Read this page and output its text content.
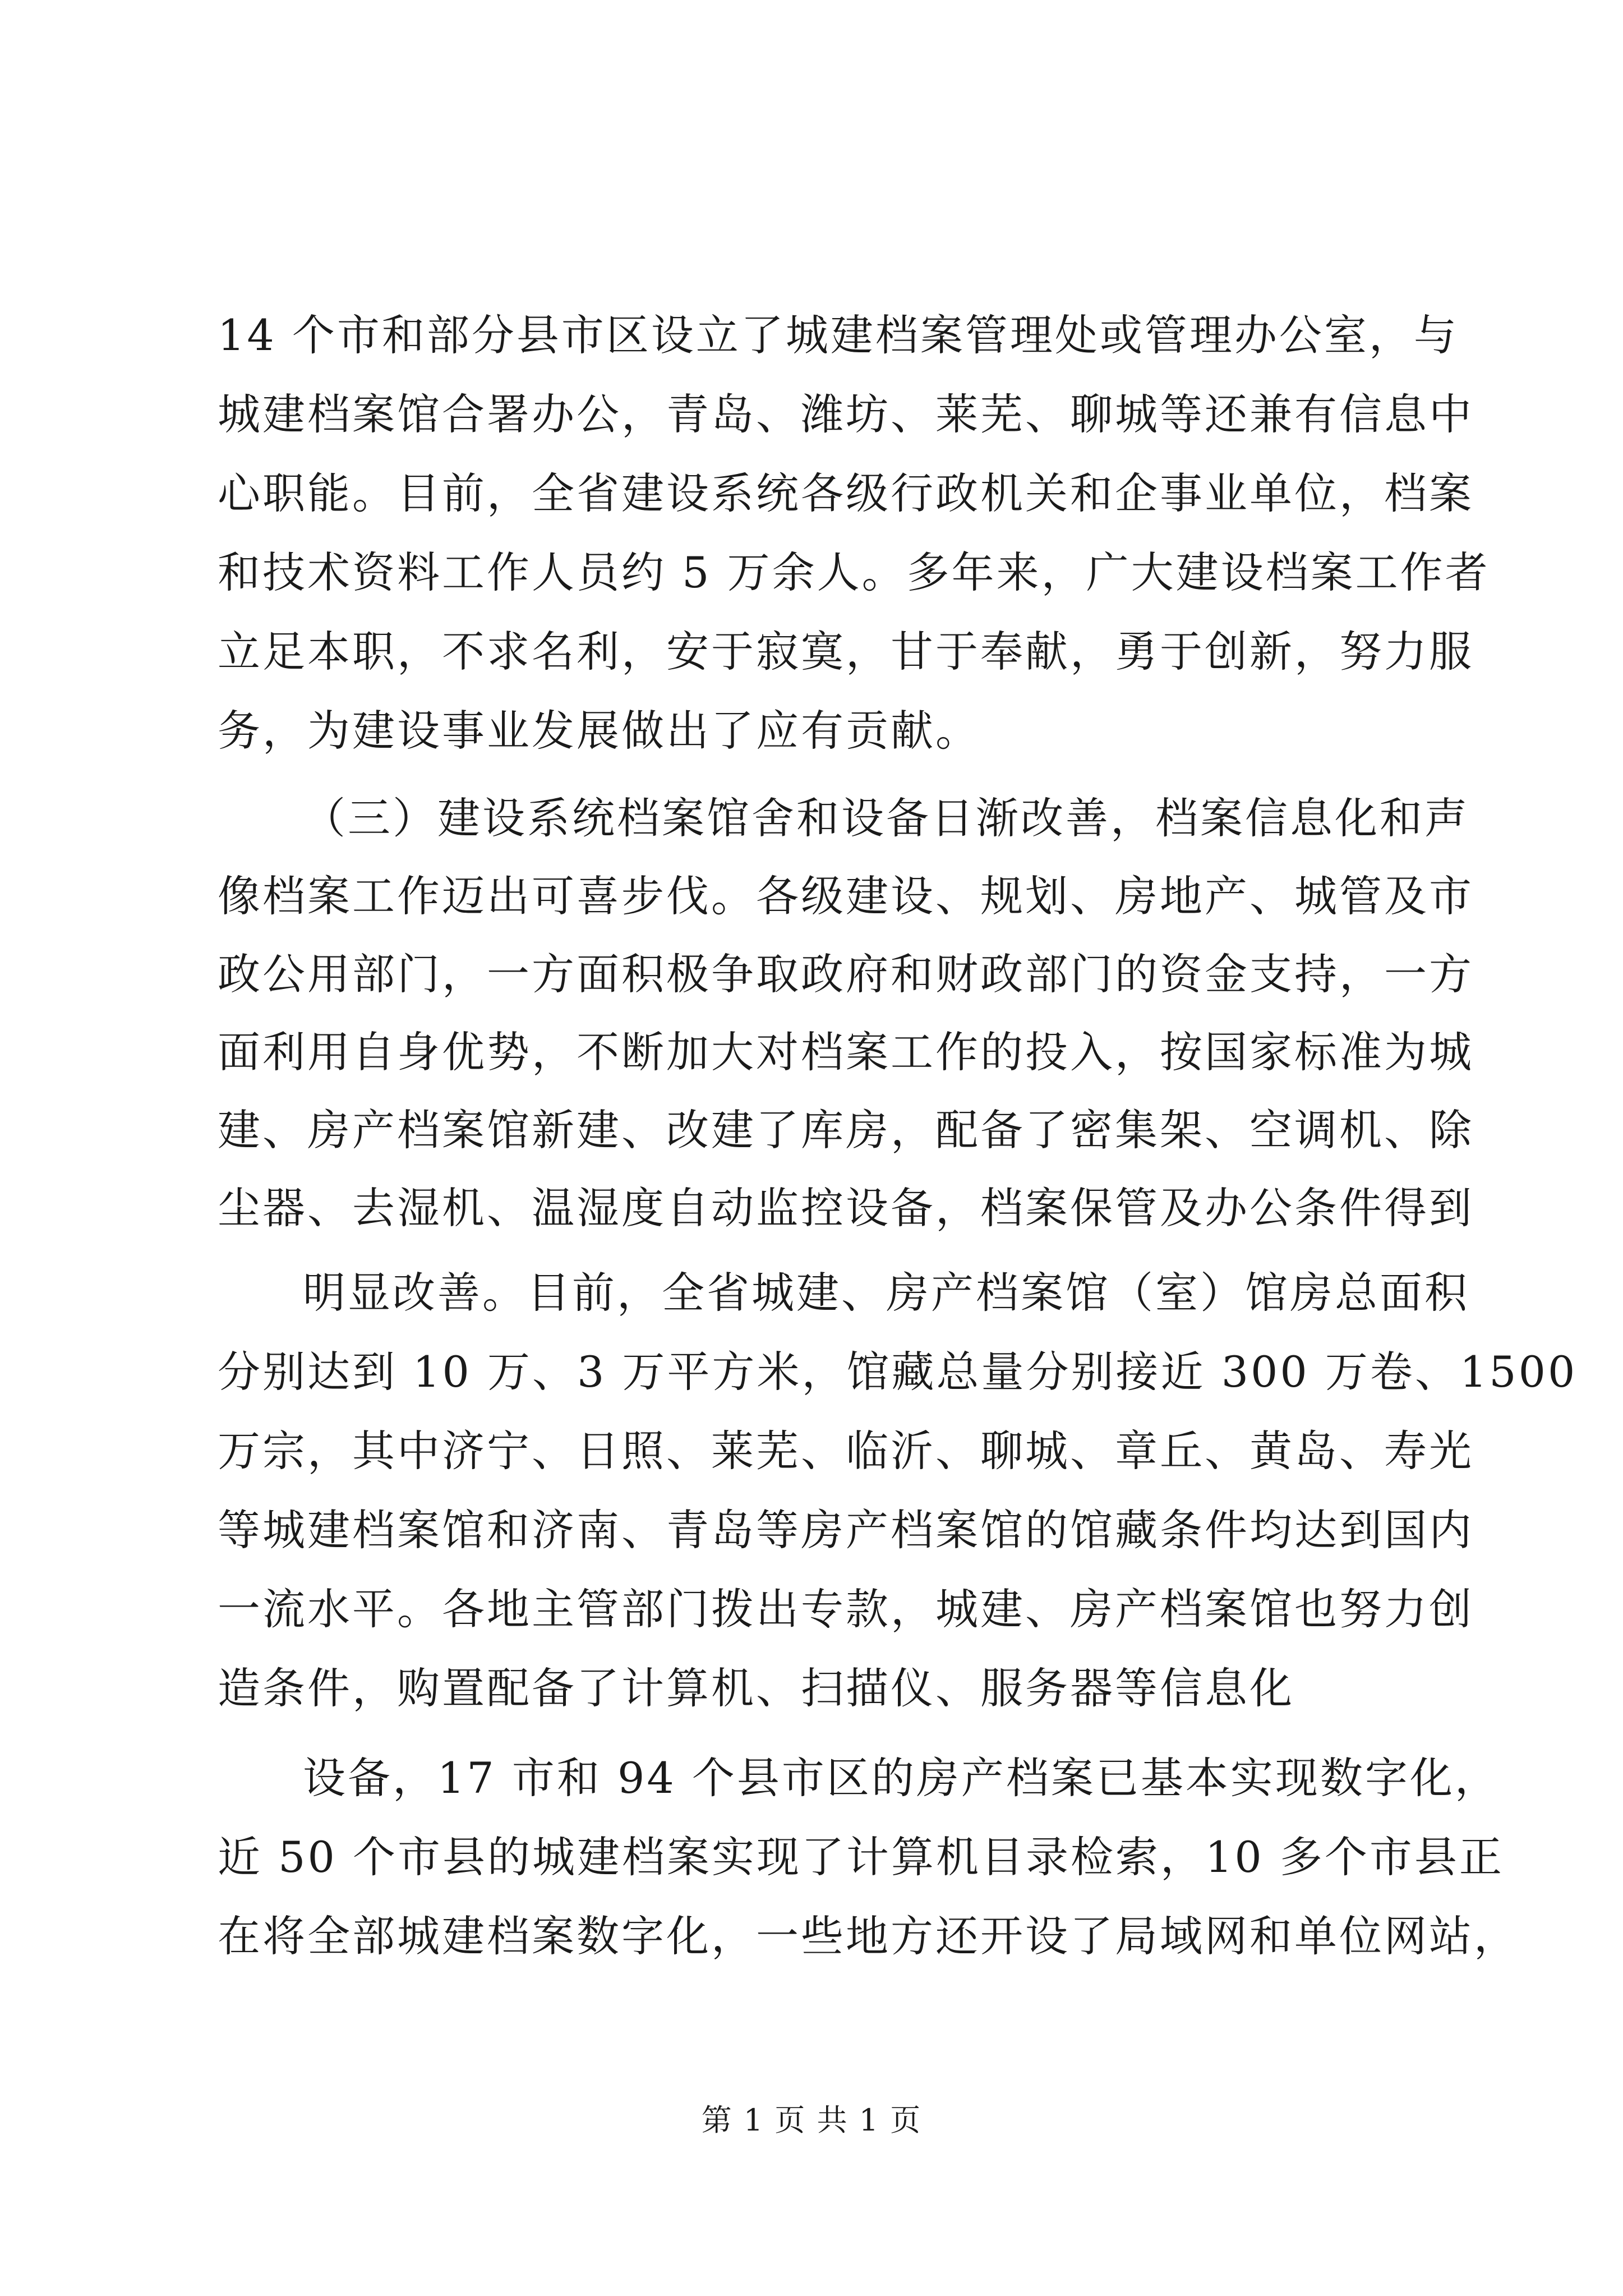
14 个市和部分县市区设立了城建档案管理处或管理办公室，与
城建档案馆合署办公，青岛、潍坊、莱芜、聊城等还兼有信息中
心职能。目前，全省建设系统各级行政机关和企事业单位，档案
和技术资料工作人员约 5 万余人。多年来，广大建设档案工作者
立足本职，不求名利，安于寂寞，甘于奉献，勇于创新，努力服
务，为建设事业发展做出了应有贡献。
（三）建设系统档案馆舍和设备日渐改善，档案信息化和声
像档案工作迈出可喜步伐。各级建设、规划、房地产、城管及市
政公用部门，一方面积极争取政府和财政部门的资金支持，一方
面利用自身优势，不断加大对档案工作的投入，按国家标准为城
建、房产档案馆新建、改建了库房，配备了密集架、空调机、除
尘器、去湿机、温湿度自动监控设备，档案保管及办公条件得到
明显改善。目前，全省城建、房产档案馆（室）馆房总面积
分别达到 10 万、3 万平方米，馆藏总量分别接近 300 万卷、1500
万宗，其中济宁、日照、莱芜、临沂、聊城、章丘、黄岛、寿光
等城建档案馆和济南、青岛等房产档案馆的馆藏条件均达到国内
一流水平。各地主管部门拨出专款，城建、房产档案馆也努力创
造条件，购置配备了计算机、扫描仪、服务器等信息化
设备，17 市和 94 个县市区的房产档案已基本实现数字化，
近 50 个市县的城建档案实现了计算机目录检索，10 多个市县正
在将全部城建档案数字化，一些地方还开设了局域网和单位网站，
第 1 页 共 1 页
